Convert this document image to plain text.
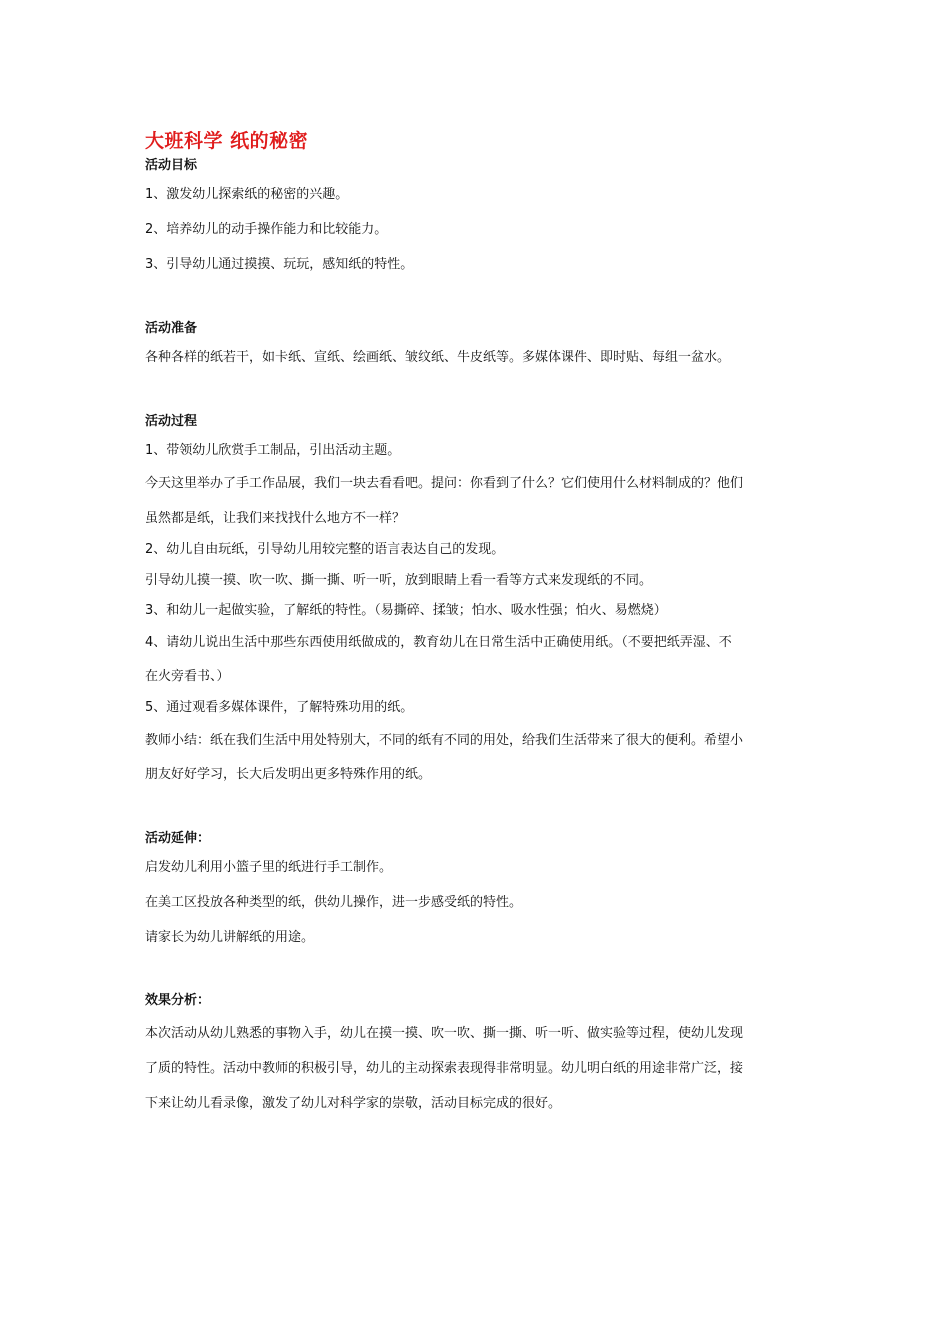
大班科学 纸的秘密
活动目标
1、激发幼儿探索纸的秘密的兴趣。
2、培养幼儿的动手操作能力和比较能力。
3、引导幼儿通过摸摸、玩玩，感知纸的特性。
活动准备
各种各样的纸若干，如卡纸、宣纸、绘画纸、皱纹纸、牛皮纸等。多媒体课件、即时贴、每组一盆水。
活动过程
1、带领幼儿欣赏手工制品，引出活动主题。
今天这里举办了手工作品展，我们一块去看看吧。提问：你看到了什么？它们使用什么材料制成的？他们
虽然都是纸，让我们来找找什么地方不一样？
2、幼儿自由玩纸，引导幼儿用较完整的语言表达自己的发现。
引导幼儿摸一摸、吹一吹、撕一撕、听一听，放到眼睛上看一看等方式来发现纸的不同。
3、和幼儿一起做实验，了解纸的特性。（易撕碎、揉皱；怕水、吸水性强；怕火、易燃烧）
4、请幼儿说出生活中那些东西使用纸做成的，教育幼儿在日常生活中正确使用纸。（不要把纸弄湿、不
在火旁看书、）
5、通过观看多媒体课件，了解特殊功用的纸。
教师小结：纸在我们生活中用处特别大，不同的纸有不同的用处，给我们生活带来了很大的便利。希望小
朋友好好学习，长大后发明出更多特殊作用的纸。
活动延伸：
启发幼儿利用小篮子里的纸进行手工制作。
在美工区投放各种类型的纸，供幼儿操作，进一步感受纸的特性。
请家长为幼儿讲解纸的用途。
效果分析：
本次活动从幼儿熟悉的事物入手，幼儿在摸一摸、吹一吹、撕一撕、听一听、做实验等过程，使幼儿发现
了质的特性。活动中教师的积极引导，幼儿的主动探索表现得非常明显。幼儿明白纸的用途非常广泛，接
下来让幼儿看录像，激发了幼儿对科学家的崇敬，活动目标完成的很好。
